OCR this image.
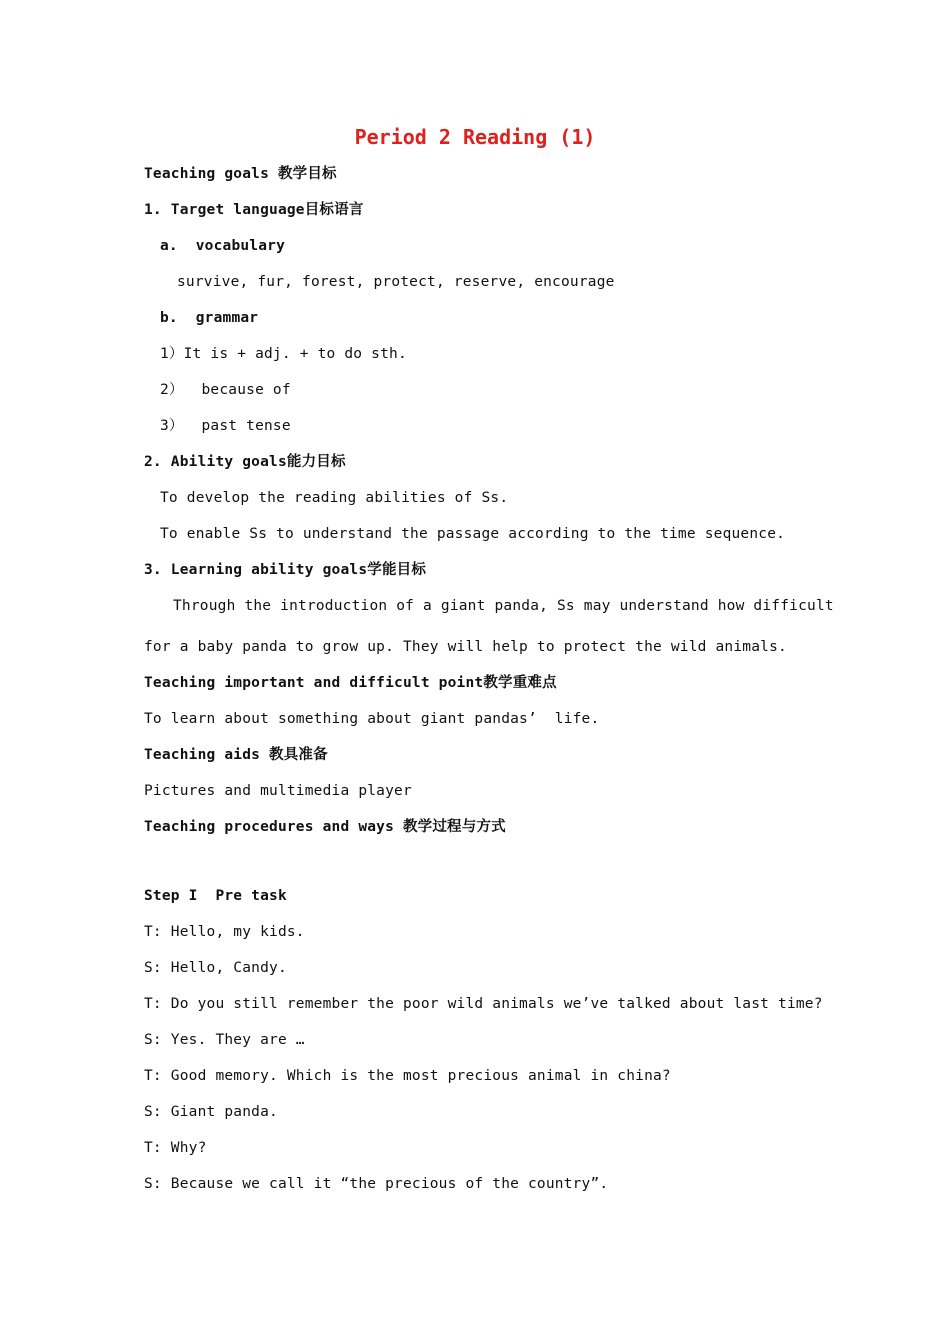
Period 2 Reading (1)
Teaching goals 教学目标
1. Target language目标语言
a.  vocabulary
survive, fur, forest, protect, reserve, encourage
b.  grammar
1）It is + adj. + to do sth.
2）  because of
3）  past tense
2. Ability goals能力目标
To develop the reading abilities of Ss.
To enable Ss to understand the passage according to the time sequence.
3. Learning ability goals学能目标
Through the introduction of a giant panda, Ss may understand how difficult
for a baby panda to grow up. They will help to protect the wild animals.
Teaching important and difficult point教学重难点
To learn about something about giant pandas’  life.
Teaching aids 教具准备
Pictures and multimedia player
Teaching procedures and ways 教学过程与方式
Step I  Pre task
T: Hello, my kids.
S: Hello, Candy.
T: Do you still remember the poor wild animals we’ve talked about last time?
S: Yes. They are …
T: Good memory. Which is the most precious animal in china?
S: Giant panda.
T: Why?
S: Because we call it “the precious of the country”.
